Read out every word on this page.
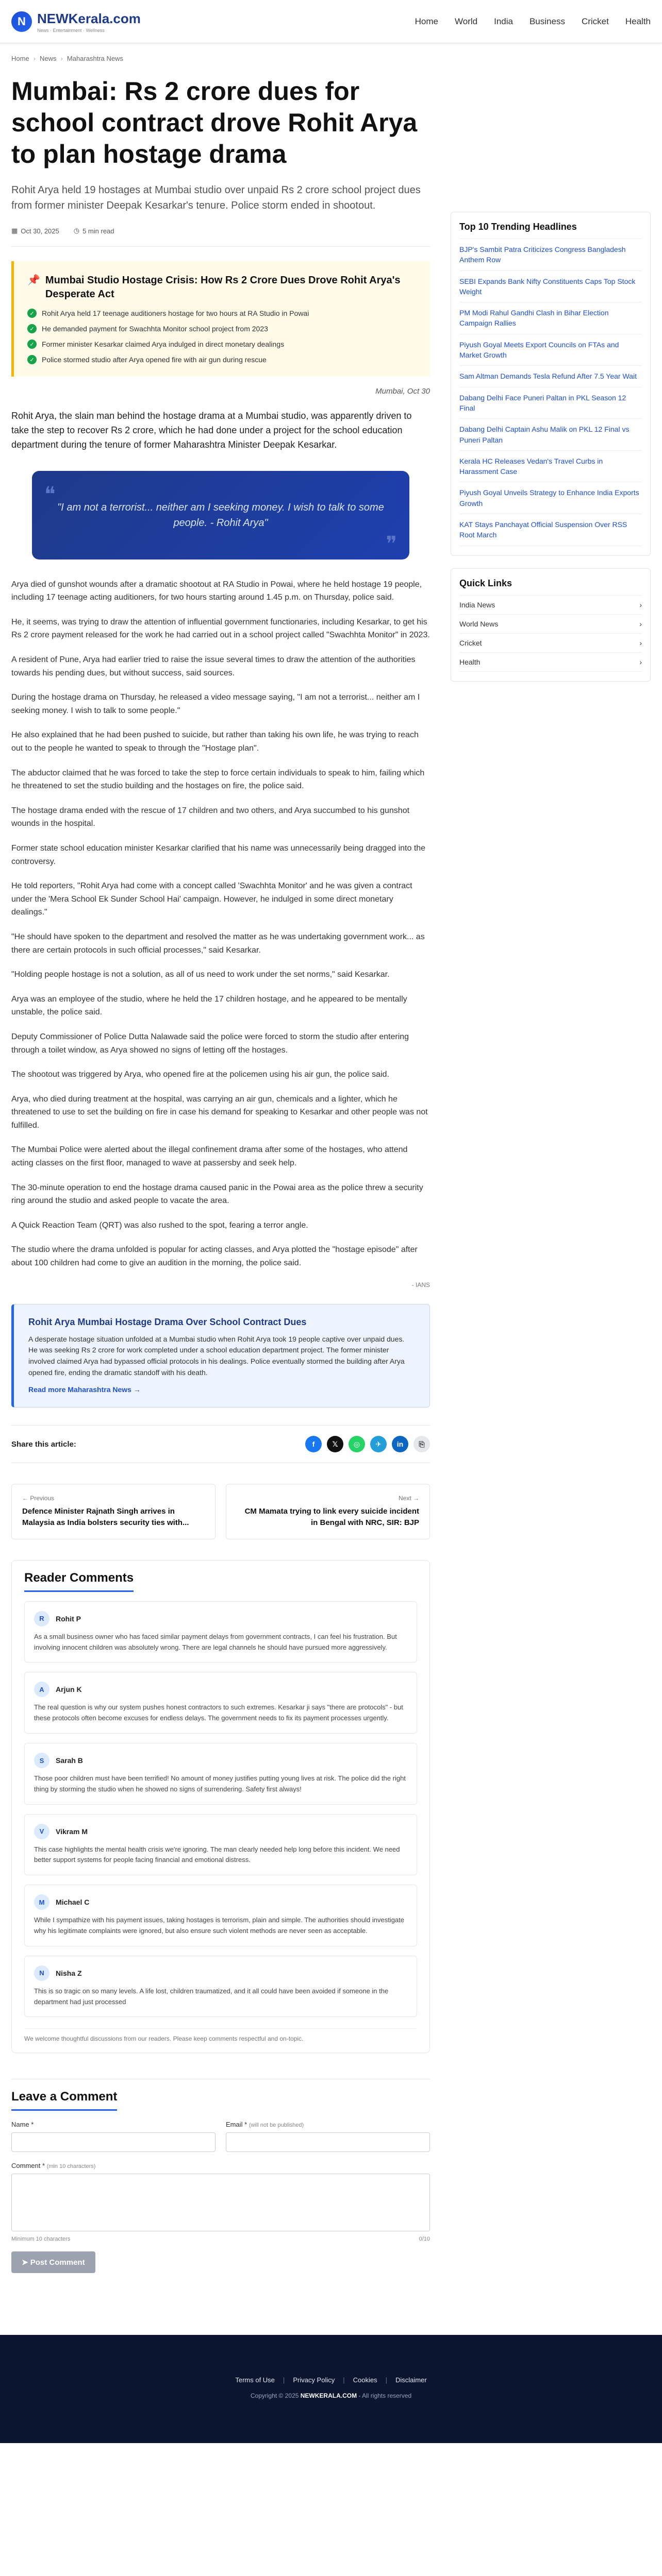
N NEWKerala.com
News · Entertainment · Wellness
Home World India Business Cricket Health
Home › News › Maharashtra News
Mumbai: Rs 2 crore dues for school contract drove Rohit Arya to plan hostage drama

Rohit Arya held 19 hostages at Mumbai studio over unpaid Rs 2 crore school project dues from former minister Deepak Kesarkar's tenure. Police storm ended in shootout.

▦ Oct 30, 2025 ◷ 5 min read
📌 Mumbai Studio Hostage Crisis: How Rs 2 Crore Dues Drove Rohit Arya's Desperate Act
✓	Rohit Arya held 17 teenage auditioners hostage for two hours at RA Studio in Powai
✓	He demanded payment for Swachhta Monitor school project from 2023
✓	Former minister Kesarkar claimed Arya indulged in direct monetary dealings
✓	Police stormed studio after Arya opened fire with air gun during rescue
Mumbai, Oct 30

Rohit Arya, the slain man behind the hostage drama at a Mumbai studio, was apparently driven to take the step to recover Rs 2 crore, which he had done under a project for the school education department during the tenure of former Maharashtra Minister Deepak Kesarkar.

❝
"I am not a terrorist... neither am I seeking money. I wish to talk to some people. - Rohit Arya"
❞

Arya died of gunshot wounds after a dramatic shootout at RA Studio in Powai, where he held hostage 19 people, including 17 teenage acting auditioners, for two hours starting around 1.45 p.m. on Thursday, police said.

He, it seems, was trying to draw the attention of influential government functionaries, including Kesarkar, to get his Rs 2 crore payment released for the work he had carried out in a school project called "Swachhta Monitor" in 2023.

A resident of Pune, Arya had earlier tried to raise the issue several times to draw the attention of the authorities towards his pending dues, but without success, said sources.

During the hostage drama on Thursday, he released a video message saying, "I am not a terrorist... neither am I seeking money. I wish to talk to some people."

He also explained that he had been pushed to suicide, but rather than taking his own life, he was trying to reach out to the people he wanted to speak to through the "Hostage plan".

The abductor claimed that he was forced to take the step to force certain individuals to speak to him, failing which he threatened to set the studio building and the hostages on fire, the police said.

The hostage drama ended with the rescue of 17 children and two others, and Arya succumbed to his gunshot wounds in the hospital.

Former state school education minister Kesarkar clarified that his name was unnecessarily being dragged into the controversy.

He told reporters, "Rohit Arya had come with a concept called 'Swachhta Monitor' and he was given a contract under the 'Mera School Ek Sunder School Hai' campaign. However, he indulged in some direct monetary dealings."

"He should have spoken to the department and resolved the matter as he was undertaking government work... as there are certain protocols in such official processes," said Kesarkar.

"Holding people hostage is not a solution, as all of us need to work under the set norms," said Kesarkar.

Arya was an employee of the studio, where he held the 17 children hostage, and he appeared to be mentally unstable, the police said.

Deputy Commissioner of Police Dutta Nalawade said the police were forced to storm the studio after entering through a toilet window, as Arya showed no signs of letting off the hostages.

The shootout was triggered by Arya, who opened fire at the policemen using his air gun, the police said.

Arya, who died during treatment at the hospital, was carrying an air gun, chemicals and a lighter, which he threatened to use to set the building on fire in case his demand for speaking to Kesarkar and other people was not fulfilled.

The Mumbai Police were alerted about the illegal confinement drama after some of the hostages, who attend acting classes on the first floor, managed to wave at passersby and seek help.

The 30-minute operation to end the hostage drama caused panic in the Powai area as the police threw a security ring around the studio and asked people to vacate the area.

A Quick Reaction Team (QRT) was also rushed to the spot, fearing a terror angle.

The studio where the drama unfolded is popular for acting classes, and Arya plotted the "hostage episode" after about 100 children had come to give an audition in the morning, the police said.

- IANS
Rohit Arya Mumbai Hostage Drama Over School Contract Dues

A desperate hostage situation unfolded at a Mumbai studio when Rohit Arya took 19 people captive over unpaid dues. He was seeking Rs 2 crore for work completed under a school education department project. The former minister involved claimed Arya had bypassed official protocols in his dealings. Police eventually stormed the building after Arya opened fire, ending the dramatic standoff with his death.

Read more Maharashtra News →
Share this article:	f	𝕏	◎	✈	in	⎘
← Previous
Defence Minister Rajnath Singh arrives in Malaysia as India bolsters security ties with...
Next →
CM Mamata trying to link every suicide incident in Bengal with NRC, SIR: BJP
Reader Comments
R	Rohit P

As a small business owner who has faced similar payment delays from government contracts, I can feel his frustration. But involving innocent children was absolutely wrong. There are legal channels he should have pursued more aggressively.

A	Arjun K

The real question is why our system pushes honest contractors to such extremes. Kesarkar ji says "there are protocols" - but these protocols often become excuses for endless delays. The government needs to fix its payment processes urgently.

S	Sarah B

Those poor children must have been terrified! No amount of money justifies putting young lives at risk. The police did the right thing by storming the studio when he showed no signs of surrendering. Safety first always!

V	Vikram M

This case highlights the mental health crisis we're ignoring. The man clearly needed help long before this incident. We need better support systems for people facing financial and emotional distress.

M	Michael C

While I sympathize with his payment issues, taking hostages is terrorism, plain and simple. The authorities should investigate why his legitimate complaints were ignored, but also ensure such violent methods are never seen as acceptable.

N	Nisha Z

This is so tragic on so many levels. A life lost, children traumatized, and it all could have been avoided if someone in the department had just processed

We welcome thoughtful discussions from our readers. Please keep comments respectful and on-topic.

Leave a Comment
Name *	Email * (will not be published)
Comment * (min 10 characters)
Minimum 10 characters	0/10
➤ Post Comment
Top 10 Trending Headlines
BJP's Sambit Patra Criticizes Congress Bangladesh Anthem Row
SEBI Expands Bank Nifty Constituents Caps Top Stock Weight
PM Modi Rahul Gandhi Clash in Bihar Election Campaign Rallies
Piyush Goyal Meets Export Councils on FTAs and Market Growth
Sam Altman Demands Tesla Refund After 7.5 Year Wait
Dabang Delhi Face Puneri Paltan in PKL Season 12 Final
Dabang Delhi Captain Ashu Malik on PKL 12 Final vs Puneri Paltan
Kerala HC Releases Vedan's Travel Curbs in Harassment Case
Piyush Goyal Unveils Strategy to Enhance India Exports Growth
KAT Stays Panchayat Official Suspension Over RSS Root March
Quick Links
India News	›
World News	›
Cricket	›
Health	›
Terms of Use | Privacy Policy | Cookies | Disclaimer
Copyright © 2025 NEWKERALA.COM - All rights reserved
